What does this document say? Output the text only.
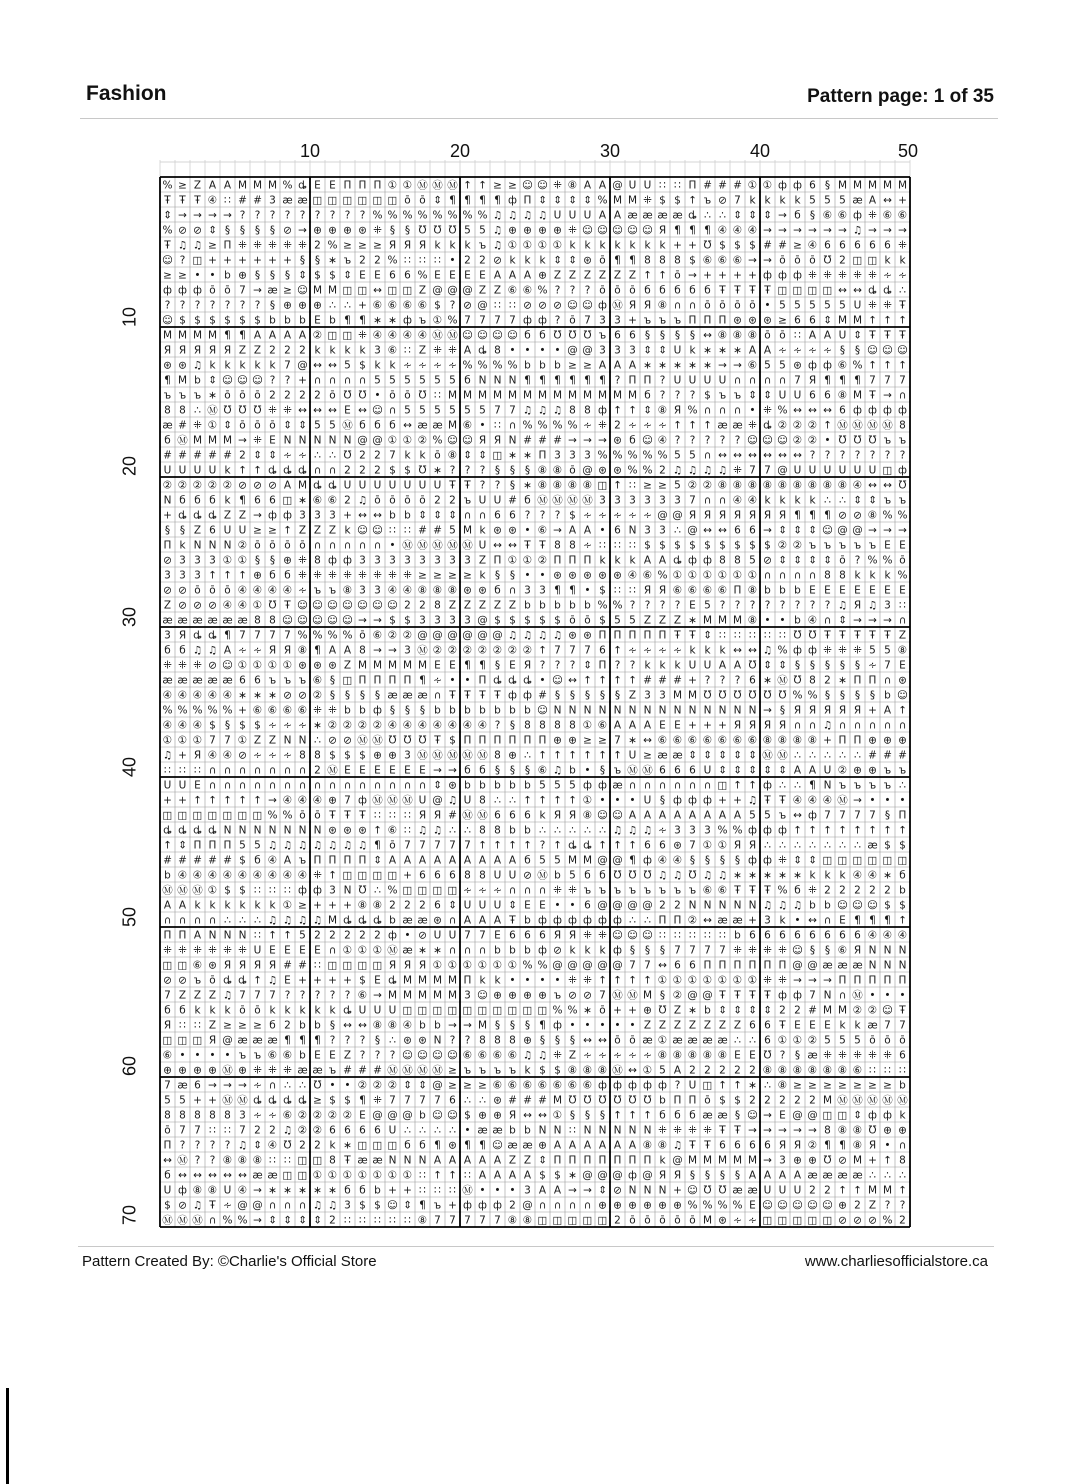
Fashion	Pattern page: 1 of 35
10	20	30	40	50
10
20
30
40
50
60
70
% ≥ Z A A M M M % ȡ E E Π Π Π ① ① Ⓜ Ⓜ Ⓜ ↑ ↑ ≥ ≥ ☺ ☺ ⁜ ⑧ A A @ U U ∷ ∷ Π # # # ① ① ф ф 6 § M M M M M
Ŧ Ŧ Ŧ ④ ∷ # # 3 æ æ ◫ ◫ ◫ ◫ ◫ ◫ ō ō ⇕ ¶ ¶ ¶ ¶ ф Π ⇕ ⇕ ⇕ ⇕ % M M ⁜ $ $ ↑ ъ ⊘ 7 k k k k 5 5 5 æ A ↔ +
⇕ → → → → ? ? ? ? ? ? ? ? ? % % % % % % % % ♫ ♫ ♫ ♫ U U U A A æ æ æ æ ȡ ∴ ∴ ⇕ ⇕ ⇕ → б § ⑥ ⑥ ф ⁜ ⑥ ⑥
% ⊘ ⊘ ⇕ § § § § ⊘ → ⊕ ⊕ ⊕ ⊛ ⁜ § § Ʊ Ʊ Ʊ 5 5 ♫ ⊕ ⊕ ⊕ ⊕ ⁜ ☺ ☺ ☺ ☺ ☺ Я ¶ ¶ ¶ ④ ④ ④ → → → → → → ♫ → → →
Ŧ ♫ ♫ ≥ Π ⁜ ⁜ ⁜ ⁜ ⁜ 2 % ≥ ≥ ≥ Я Я Я k k k ъ ♫ ① ① ① ① k k k k k k k + + Ʊ $ $ $ # # ≥ ④ 6 6 6 6 6 ⁜
☺ ? ◫ + + + + + + § § ∗ ъ 2 2 % ∷ ∷ ∷ • 2 2 ⊘ k k k ⇕ ⇕ ⊛ ō ¶ ¶ 8 8 8 $ ⑥ ⑥ ⑥ → → ō ō ō Ʊ 2 ◫ ◫ k k
≥ ≥ • • b ⊕ § § § ⇕ $ $ ⇕ E E 6 6 % E E E E A A A ⊕ Z Z Z Z Z Z ↑ ↑ ō → + + + + ф ф ф ⁜ ⁜ ⁜ ⁜ ⁜ ∻ ∻
ф ф ф ō ō 7 → æ ≥ ☺ M M ◫ ◫ ↔ ◫ ◫ Z @ @ @ Z Z ⑥ ⑥ % ? ? ? ō ō ō б б б б б Ŧ Ŧ Ŧ Ŧ ◫ ◫ ◫ ◫ ↔ ↔ ȡ ȡ ∴
? ? ? ? ? ? ? § ⊕ ⊕ ⊕ ∴ ∴ + ⑥ ⑥ ⑥ ⑥ $ ? ⊘ @ ∷ ∷ ⊘ ⊘ ⊘ ☺ ☺ ф Ⓜ Я Я ⑧ ∩ ∩ ō ō ō ō • 5 5 5 5 5 U ⁜ ⁜ Ŧ
☺ $ $ $ $ $ $ b b b E b ¶ ¶ ∗ ∗ ф ъ ① % 7 7 7 7 ф ф ? ō 7 3 3 + ъ ъ ъ Π Π Π ⊛ ⊛ ⊛ ≥ 6 6 ⇕ M M ↑ ↑ ↑
M M M M ¶ ¶ A A A A ② ◫ ◫ ⁜ ④ ④ ④ ④ Ⓜ Ⓜ ☺ ☺ ☺ ☺ б б Ʊ Ʊ Ʊ ъ 6 6 § § § § ↔ ⑧ ⑧ ⑧ ō ō ∷ A A U ⇕ Ŧ Ŧ Ŧ
Я Я Я Я Я Z Z 2 2 2 k k k k 3 ⑥ ∷ Z ⁜ ⁜ A ȡ 8 • • • • @ @ 3 3 3 ⇕ ⇕ U k ∗ ∗ ∗ A A ∻ ∻ ∻ ∻ § § ☺ ☺ ☺
⊛ ⊛ ♫ k k k k k 7 @ ↔ ↔ 5 $ k k ∻ ∻ ∻ ∻ % % % % b b b ≥ ≥ A A A ∗ ∗ ∗ ∗ ∗ → → ⑥ 5 5 ⊛ ф ф ⑥ % ↑ ↑ ↑
¶ M b ⇕ ☺ ☺ ☺ ? ? + ∩ ∩ ∩ ∩ 5 5 5 5 5 5 б N N N ¶ ¶ ¶ ¶ ¶ ¶ ? Π Π ? U U U U ∩ ∩ ∩ ∩ 7 Я ¶ ¶ ¶ 7 7 7
ъ ъ ъ ∗ ō ō ō 2 2 2 2 ō Ʊ Ʊ • ō ō Ʊ ∷ M M M M M M M M M M M M M б ? ? ? $ ъ ъ ⇕ ⇕ U U 6 6 ⑧ M Ŧ → ∩
8 8 ∴ Ⓜ Ʊ Ʊ Ʊ ⁜ ⁜ ↔ ↔ ↔ E ↔ ☺ ∩ 5 5 5 5 5 5 7 7 ♫ ♫ ♫ 8 8 ф ↑ ↑ ⇕ ⑧ Я % ∩ ∩ ∩ • ⁜ % ↔ ↔ ↔ 6 ф ф ф ф
æ # ⁜ ① ⇕ ō ō ō ⇕ ⇕ 5 5 Ⓜ б б б ↔ æ æ M ⑥ • ∷ ∩ % % % % ∻ ⁜ 2 ∻ ∻ ∻ ↑ ↑ ↑ æ æ ⁜ ȡ ② ② ② ↑ Ⓜ Ⓜ Ⓜ Ⓜ 8
б Ⓜ M M M → ⁜ E N N N N N @ @ ① ① ② % ☺ ☺ Я Я N # # # → → → ⊛ б ☺ ④ ? ? ? ? ? ☺ ☺ ☺ ② ② • Ʊ Ʊ Ʊ ъ ъ
# # # # # 2 ⇕ ⇕ ∻ ∻ ∴ ∴ Ʊ 2 2 7 k k ō ⑧ ⇕ ⇕ ◫ ∗ ∗ Π 3 3 3 % % % % % 5 5 ∩ ↔ ↔ ↔ ↔ ↔ ↔ ? ? ? ? ? ? ?
U U U U k ↑ ↑ ȡ ȡ ȡ ∩ ∩ 2 2 2 $ $ Ʊ ∗ ? ? ? § § § ⑧ ⑧ ō @ ⊛ ⊛ % % 2 ♫ ♫ ♫ ♫ ⁜ 7 7 @ U U U U U U ◫ ф
② ② ② ② ② ⊘ ⊘ ⊘ A M ȡ ȡ U U U U U U U Ŧ Ŧ ? ? § ∗ ⑧ ⑧ ⑧ ⑧ ◫ ↑ ∷ ≥ ≥ 5 ② ② ⑧ ⑧ ⑧ ⑧ ⑧ ⑧ ⑧ ⑧ ⑧ ④ ↔ ↔ Ʊ
N б б б k ¶ 6 6 ◫ ∗ ⑥ ⑥ 2 ♫ ō ō ō ō 2 2 ъ U U # б Ⓜ Ⓜ Ⓜ Ⓜ 3 3 3 3 3 3 7 ∩ ∩ ④ ④ k k k k ∴ ∴ ⇕ ⇕ ъ ъ
+ ȡ ȡ ȡ Z Z → ф ф 3 3 3 + ↔ ↔ b b ⇕ ⇕ ⇕ ∩ ∩ 6 6 ? ? ? $ ∻ ∻ ∻ ∻ ∻ @ @ Я Я Я Я Я Я Я ¶ ¶ ¶ ⊘ ⊘ ⑧ % %
§ § Z 6 U U ≥ ≥ ↑ Z Z Z k ☺ ☺ ∷ ∷ # # 5 M k ⊛ ⊛ • ⑥ → A A • 6 N 3 3 ∴ @ ↔ ↔ 6 6 → ⇕ ⇕ ⇕ ☺ @ @ → → →
Π k N N N ② ō ō ō ō ∩ ∩ ∩ ∩ ∩ • Ⓜ Ⓜ Ⓜ Ⓜ Ⓜ U ↔ ↔ Ŧ Ŧ 8 8 ∻ ∷ ∷ ∷ $ $ $ $ $ $ $ $ $ ② ② ъ ъ ъ ъ ъ E E
⊘ 3 3 3 ① ① § § ⊕ ⁜ 8 ф ф 3 3 3 3 3 3 3 3 Z Π ① ① ② Π Π Π k k k A A ȡ ф ф 8 8 5 ⊘ ⇕ ⇕ ⇕ ⇕ ō ? % % ō
3 3 3 ↑ ↑ ↑ ⊕ б б ⁜ ⁜ ⁜ ⁜ ⁜ ⁜ ⁜ ⁜ ≥ ≥ ≥ ≥ k § § • • ⊛ ⊛ ⊛ ⊛ ⊛ ④ ⑥ % ① ① ① ① ① ① ∩ ∩ ∩ ∩ 8 8 k k k %
⊘ ⊘ ō ō ō ④ ④ ④ ④ ∻ ъ ъ ⑧ 3 3 ④ ④ ⑧ ⑧ ⑧ ⊛ ⊛ б ∩ 3 3 ¶ ¶ • $ ∷ ∷ Я Я ⑥ ⑥ ⑥ ⑥ Π ⑧ b b b E E E E E E E
Z ⊘ ⊘ ⊘ ④ ④ ① Ʊ Ŧ ☺ ☺ ☺ ☺ ☺ ☺ ☺ 2 2 8 Z Z Z Z Z b b b b b % % ? ? ? ? E 5 ? ? ? ? ? ? ? ? ♫ Я ♫ 3 ∷
æ æ æ æ æ æ 8 8 ☺ ☺ ☺ ☺ ☺ → → $ $ 3 3 3 3 @ $ $ $ $ $ ō ō $ 5 5 Z Z Z ∗ M M M ⑧ • • b ④ ∩ ⇕ → → → ∩
3 Я ȡ ȡ ¶ 7 7 7 7 % % % % ō ⑥ ② ② @ @ @ @ @ @ ♫ ♫ ♫ ♫ ⊛ ⊛ Π Π Π Π Π Ŧ Ŧ ⇕ ∷ ∷ ∷ ∷ ∷ Ʊ Ʊ Ŧ Ŧ Ŧ Ŧ Ŧ Z
б б ♫ ♫ A ∻ ∻ Я Я ⑧ ¶ A A 8 → → 3 Ⓜ ② ② ② ② ② ② ② ↑ 7 7 7 6 ↑ ∻ ∻ ∻ ∻ k k k ↔ ↔ ♫ % ф ф ⁜ ⁜ ⁜ 5 5 ⑧
⁜ ⁜ ⁜ ⊘ ☺ ① ① ① ① ⊛ ⊛ ⊛ Z M M M M M E E ¶ ¶ § E Я ? ? ? ⇕ Π ? ? k k k U U A A Ʊ ⇕ ⇕ § § § § § ∻ 7 E
æ æ æ æ æ 6 6 ъ ъ ъ ⑥ § ◫ Π Π Π Π ¶ ∻ • • Π ȡ ȡ ȡ • ☺ ↔ ↑ ↑ ↑ ↑ # # # + ? ? ? 6 ∗ Ⓜ Ʊ 8 2 ∗ Π Π ∩ ⊛
④ ④ ④ ④ ④ ∗ ∗ ∗ ⊘ ⊘ ② § § § § æ æ æ ∩ Ŧ Ŧ Ŧ Ŧ ф ф # § § § § § Z 3 3 M M Ʊ Ʊ Ʊ Ʊ Ʊ Ʊ % % § § § § b ☺
% % % % % + ⑥ ⑥ ⑥ ⑥ ⁜ ⁜ b b ф § § § b b b b b b b ☺ N N N N N N N N N N N N N N → § Я Я Я Я Я + A ↑
④ ④ ④ $ § $ $ ∻ ∻ ∻ ∗ ② ② ② ② ④ ④ ④ ④ ④ ④ ④ ? § 8 8 8 8 ① ⑥ A A A E E + + + Я Я Я Я ∩ ∩ ♫ ∩ ∩ ∩ ∩ ∩
① ① ① 7 7 ① Z Z N N ∴ ⊘ ⊘ Ⓜ Ⓜ Ʊ Ʊ Ʊ Ŧ $ Π Π Π Π Π Π ⊕ ⊕ ≥ ≥ 7 ∗ ↔ ⑥ ⑥ ⑥ ⑥ ⑥ ⑥ ⑥ ⑧ ⑧ ⑧ ⑧ + Π Π ⊕ ⊕ ⊕
♫ + Я ④ ④ ⊘ ∻ ∻ ∻ 8 8 $ $ $ ⊕ ⊕ 3 Ⓜ Ⓜ Ⓜ Ⓜ Ⓜ 8 ⊕ ∴ ↑ ↑ ↑ ↑ ↑ ↑ U ≥ æ æ ⇕ ⇕ ⇕ ⇕ ⇕ Ⓜ Ⓜ ∴ ∴ ∴ ∴ ∴ # # #
∷ ∷ ∷ ∩ ∩ ∩ ∩ ∩ ∩ ∩ 2 Ⓜ E E E E E E → → б б § § § ⑥ ♫ b • § ъ Ⓜ Ⓜ 6 6 6 U ⇕ ⇕ ⇕ ⇕ ⇕ A A U ② ⊕ ⊕ ъ ъ
U U E ∩ ∩ ∩ ∩ ∩ ∩ ∩ ∩ ∩ ∩ ∩ ∩ ∩ ∩ ∩ ⇕ ⊛ b b b b b 5 5 5 ф ф æ ∩ ∩ ∩ ∩ ∩ ∩ ◫ ↑ ↑ ф ∴ ∴ ¶ N ъ ъ ъ ъ ∴
+ + ↑ ↑ ↑ ↑ ↑ → ④ ④ ④ ⊕ 7 ф Ⓜ Ⓜ Ⓜ U @ ♫ U 8 ∴ ∴ ↑ ↑ ↑ ↑ ① • • • U § ф ф ф + + ♫ Ŧ Ŧ ④ ④ ④ Ⓜ → • • •
◫ ◫ ◫ ◫ ◫ ◫ ◫ % % ō ō Ŧ Ŧ Ŧ ∷ ∷ ∷ Я Я # Ⓜ Ⓜ 6 6 6 k Я Я ⑧ ☺ ☺ A A A A A A A A 5 5 ъ ↔ ф 7 7 7 7 § Π
ȡ ȡ ȡ ȡ N N N N N N N ⊛ ⊛ ⊛ ↑ ⑥ ∷ ♫ ♫ ∴ ∴ 8 8 b b ∴ ∴ ∴ ∴ ∴ ♫ ♫ ♫ ∻ 3 3 3 % % ф ф ф ↑ ↑ ↑ ↑ ↑ ↑ ↑ ↑
↑ ⇕ Π Π Π 5 5 ♫ ♫ ♫ ♫ ♫ ♫ ♫ ¶ ō 7 7 7 7 7 ↑ ↑ ↑ ↑ ? ↑ ȡ ȡ ↑ ↑ ↑ 6 6 ⊛ 7 ① ① Я Я ∴ ∴ ∴ ∴ ∴ ∴ ∴ æ $ $
# # # # # $ б ④ A ъ Π Π Π Π ⇕ A A A A A A A A A б 5 5 M M @ @ ¶ ф ④ ④ § § § § ф ф ⁜ ⇕ ⇕ ◫ ◫ ◫ ◫ ◫ ◫
b ④ ④ ④ ④ ④ ④ ④ ④ ④ ⁜ ↑ ◫ ◫ ◫ ◫ + 6 6 6 8 8 U U ⊘ Ⓜ b 5 б б Ʊ Ʊ Ʊ ♫ ♫ Ʊ ♫ ♫ ∗ ∗ ∗ ∗ ∗ k k k ④ ④ ∗ б
Ⓜ Ⓜ Ⓜ ① $ $ ∷ ∷ ∷ ф ф 3 N Ʊ ∴ % ◫ ◫ ◫ ◫ ∻ ∻ ∻ ∩ ∩ ∩ ⁜ ⁜ ъ ъ ъ ъ ъ ъ ъ ъ ⑥ ⑥ Ŧ Ŧ Ŧ % б ⁜ 2 2 2 2 2 b
A A k k k k k k ① ≥ + + + ⑧ ⑧ 2 2 2 6 ⇕ U U U ⇕ E E • • 6 @ @ @ @ 2 2 N N N N N ♫ ♫ ♫ b b ☺ ☺ ☺ $ $
∩ ∩ ∩ ∩ ∴ ∴ ∴ ♫ ♫ ♫ ♫ M ȡ ȡ ȡ b æ æ ⊛ ∩ A A A Ŧ b ф ф ф ф ф ф ∴ ∴ Π Π ② ↔ æ æ + 3 k • ↔ ∩ E ¶ ¶ ¶ ↑
Π Π A N N N ∷ ↑ ↑ 5 2 2 2 2 2 ф • ⊘ U U 7 7 E 6 6 6 Я Я ⁜ ⁜ ☺ ☺ ☺ ∷ ∷ ∷ ∷ ∷ b 6 6 6 6 6 6 6 6 ④ ④ ④
⁜ ⁜ ⁜ ⁜ ⁜ ⁜ U E E E E ∩ ① ① ① Ⓜ æ ∗ ∗ ∩ ∩ ∩ b b b ф ⊘ k k k ф § § § 7 7 7 7 ⁜ ⁜ ⁜ ⁜ ☺ § § ⑥ Я N N N
◫ ◫ ⑥ ⊛ Я Я Я Я # # ∷ ◫ ◫ ◫ ◫ Я Я Я ① ① ① ① ① ① % % @ @ @ @ @ 7 7 ↔ 6 6 Π Π Π Π Π Π @ @ æ æ æ N N N
⊘ ⊘ ъ ō ȡ ȡ ↑ ♫ E + + + + $ E ȡ M M M M Π k k • • • • ⁜ ⁜ ↑ ↑ ↑ ↑ ① ① ① ① ① ① ① ⁜ ⁜ → → → Π Π Π Π Π
7 Z Z Z ♫ 7 7 7 ? ? ? ? ? ⑥ → M M M M M 3 ☺ ⊕ ⊕ ⊕ ⊕ ъ ⊘ ⊘ 7 Ⓜ Ⓜ M § ② @ @ Ŧ Ŧ Ŧ Ŧ ф ф 7 N ∩ Ⓜ • • •
б б k k k ō ō k k k k k ȡ U U U ◫ ◫ ◫ ◫ ◫ ◫ ◫ ◫ ◫ ◫ % % ∗ ō + + ⊕ Ʊ Z ∗ b ⇕ ⇕ ⇕ ⇕ 2 2 # M M ② ② ☺ Ŧ
Я ∷ ∷ Z ≥ ≥ ≥ б 2 b b § ↔ ↔ ⑧ ⑧ ④ b b → → M § § § ¶ ф • • • • • Z Z Z Z Z Z Z 6 6 Ŧ E E E k k æ 7 7
◫ ◫ ◫ Я @ æ æ æ ¶ ¶ ¶ ? ? ? § ∴ ⊛ ⊛ N ? ? 8 8 8 ⊕ § § § ↔ ↔ ō ō æ ① æ æ æ æ ∴ ∴ 6 ① ① ② 5 5 5 ō ō ō
⑥ • • • • ъ ъ ⑥ ⑥ b E E Z ? ? ? ☺ ☺ ☺ ☺ ⑥ ⑥ ⑥ ⑥ ♫ ♫ ⁜ Z ∻ ∻ ∻ ∻ ∻ ⑧ ⑧ ⑧ ⑧ ⑧ E E Ʊ ? § æ ⁜ ⁜ ⁜ ⁜ ⁜ 6
⊕ ⊕ ⊕ ⊕ Ⓜ ⊕ ⁜ ⁜ ⁜ æ æ ъ # # # Ⓜ Ⓜ Ⓜ Ⓜ ≥ ъ ъ ъ ъ k $ $ ⑧ ⑧ ⑧ Ⓜ ↔ ① 5 A 2 2 2 2 2 ⑧ ⑧ ⑧ ⑧ ⑧ ⑧ ⑥ ∷ ∷ ∷
7 æ 6 → → → ∻ ∩ ∴ ∴ Ʊ • • ② ② ② ⇕ ⇕ @ ≥ ≥ ≥ ⑥ ⑥ ⑥ ⑥ ⑥ ⑥ ⑥ ф ф ф ф ф ? U ◫ ↑ ↑ ∗ ∴ ⑧ ≥ ≥ ≥ ≥ ≥ ≥ ≥ b
5 5 + + Ⓜ Ⓜ ȡ ȡ ȡ ȡ ≥ $ $ ¶ ⁜ 7 7 7 7 6 ∴ ∴ ⊛ # # # M Ʊ Ʊ Ʊ Ʊ Ʊ Ʊ b Π Π ō $ $ 2 2 2 2 2 M Ⓜ Ⓜ Ⓜ Ⓜ Ⓜ
8 8 8 8 8 3 ∻ ∻ ⑥ ② ② ② ② E @ @ @ b ☺ ☺ $ ⊕ ⊕ Я ↔ ↔ ① § § § ↑ ↑ ↑ б б б æ æ § ☺ → E @ @ ◫ ◫ ⇕ ф ф k
ō 7 7 ∷ ∷ 7 2 2 ♫ ② ② 6 6 6 6 U ∴ ∴ ∴ ∴ • æ æ b b N N ∷ N N N N N ⁜ ⁜ ⁜ ⁜ Ŧ Ŧ → → → → → 8 ⑧ ⑧ Ʊ ⊕ ⊕
Π ? ? ? ? ♫ ⇕ ④ Ʊ 2 2 k ∗ ◫ ◫ ◫ б б ¶ ⊛ ¶ ¶ ☺ æ æ ⊕ A A A A A A ⑧ ⑧ ♫ Ŧ Ŧ 6 6 6 6 Я Я ② ¶ ¶ ⑧ Я • ∩
↔ Ⓜ ? ? ⑧ ⑧ ⑧ ∷ ∷ ◫ ◫ 8 Ŧ æ æ N N N A A A A A Z Z ⇕ Π Π Π Π Π Π Π k @ M M M M M → 3 ⊕ ⊕ Ʊ ⊘ M + ↑ 8
б ↔ ↔ ↔ ↔ ↔ æ æ ◫ ◫ ① ① ① ① ① ① ① ∷ ↑ ↑ ∷ A A A A $ $ ∗ @ @ @ ф @ Я Я § § § § A A A A æ æ æ æ ∴ ∴ ∴
U ф ⑧ ⑧ U ④ → ∗ ∗ ∗ ∗ ∗ б б b + + ∷ ∷ ∷ Ⓜ • • • 3 A A → → ⇕ ⊘ N N N + ☺ Ʊ Ʊ æ æ U U U 2 2 ↑ ↑ M M ↑
$ ⊘ ♫ Ŧ ∻ @ @ ∩ ∩ ∩ ♫ ♫ 3 $ $ ☺ ⇕ ¶ ъ + ф ф ф 2 @ ∩ ∩ ∩ ∩ ⊕ ⊕ ⊕ ⊕ ⊕ ⊕ % % % % E ☺ ☺ ☺ ☺ ☺ ⊕ 2 Z ? ?
Ⓜ Ⓜ Ⓜ ∩ % % → ⇕ ⇕ ⇕ ⇕ 2 ∷ ∷ ∷ ∷ ∷ ⑧ 7 7 7 7 7 ⑧ ⑧ ◫ ◫ ◫ ◫ ◫ 2 ō ō ō ō ō M ⊛ ∻ ∻ ◫ ◫ ◫ ◫ ◫ ⊘ ⊘ ⊘ % 2
Pattern Created By: ©Charlie's Official Store	www.charliesofficialstore.ca
